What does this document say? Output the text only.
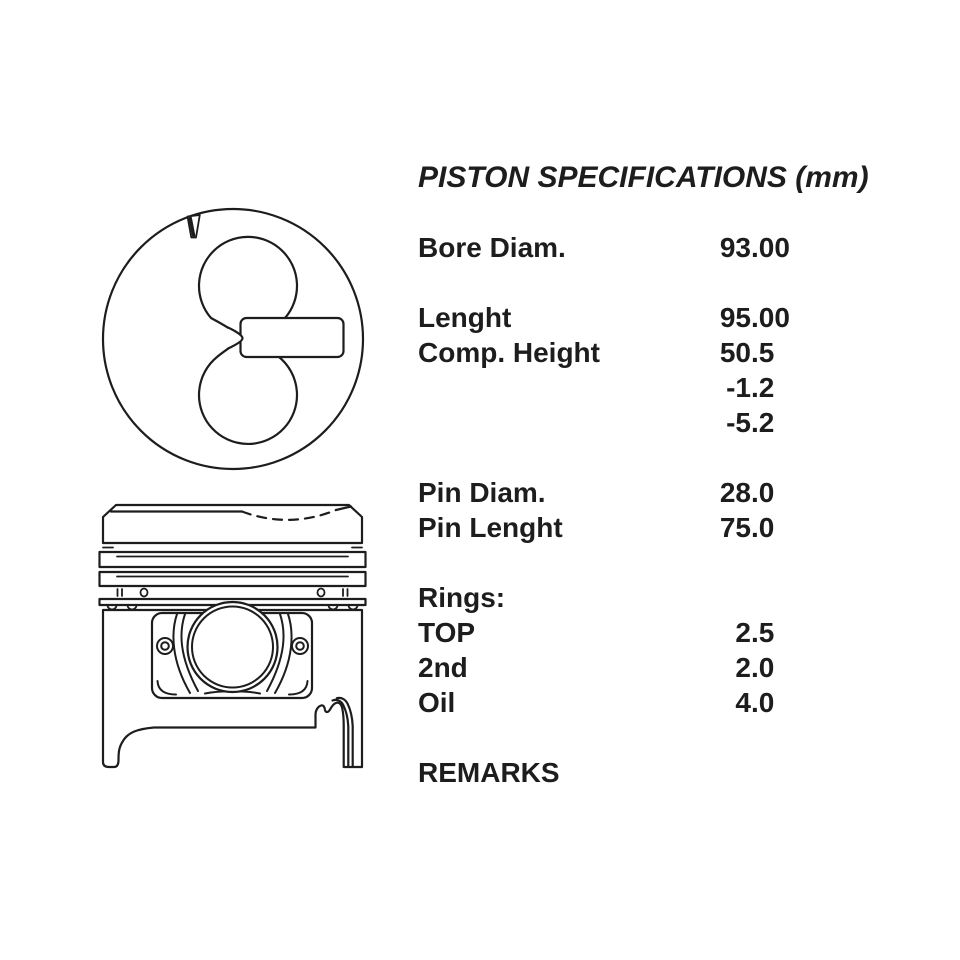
PISTON SPECIFICATIONS (mm)
Bore Diam.	93 .00
Lenght	95 .00
Comp. Height	50 .5
-1 .2
-5 .2
Pin Diam.	28 .0
Pin Lenght	75 .0
Rings:
TOP	2 .5
2nd	2 .0
Oil	4 .0
REMARKS
